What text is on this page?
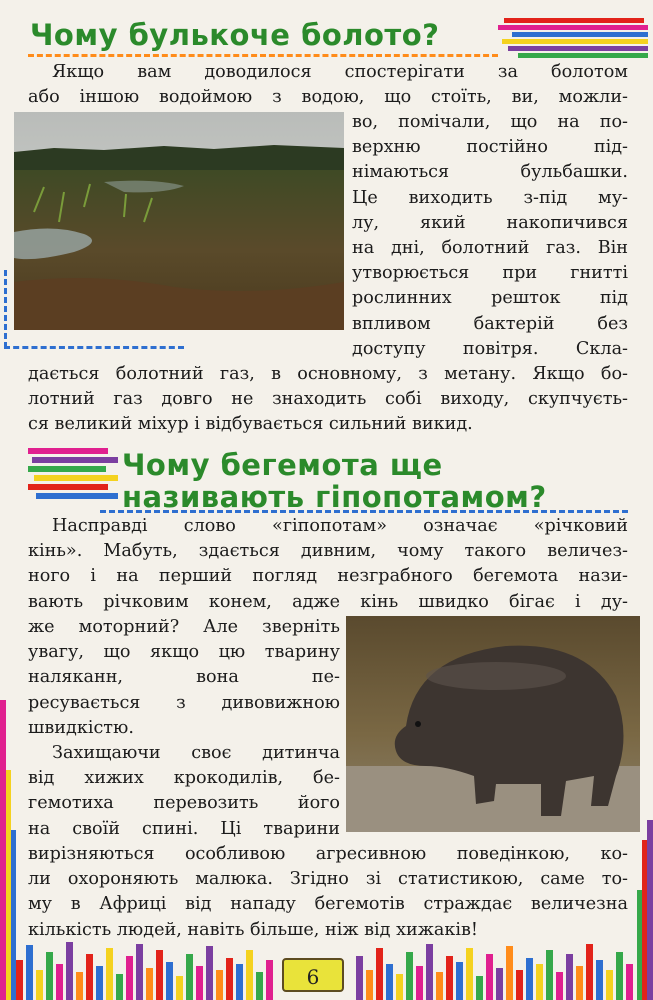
Чому булькоче болото?

Якщо вам доводилося спостерігати за болотом

або іншою водоймою з водою, що стоїть, ви, можли-

во, помічали, що на по-

верхню постійно під-

німаються бульбашки.

Це виходить з-під му-

лу, який накопичився

на дні, болотний газ. Він

утворюється при гнитті

рослинних решток під

впливом бактерій без

доступу повітря. Скла-

дається болотний газ, в основному, з метану. Якщо бо-

лотний газ довго не знаходить собі виходу, скупчуєть-

ся великий міхур і відбувається сильний викид.

Чому бегемота ще
називають гіпопотамом?

Насправді слово «гіпопотам» означає «річковий

кінь». Мабуть, здається дивним, чому такого величез-

ного і на перший погляд незграбного бегемота нази-

вають річковим конем, адже кінь швидко бігає і ду-

же моторний? Але зверніть

увагу, що якщо цю тварину

наляканн, вона пе-

ресувається з дивовижною

швидкістю.

Захищаючи своє дитинча

від хижих крокодилів, бе-

гемотиха перевозить його

на своїй спині. Ці тварини

вирізняються особливою агресивною поведінкою, ко-

ли охороняють малюка. Згідно зі статистикою, саме то-

му в Африці від нападу бегемотів страждає величезна

кількість людей, навіть більше, ніж від хижаків!

6
